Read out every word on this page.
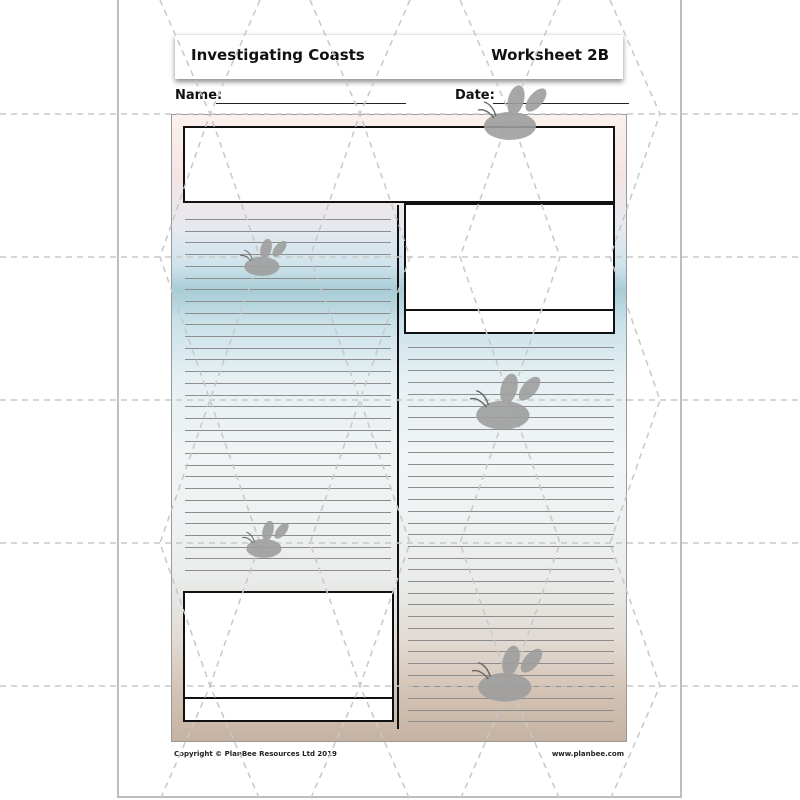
Investigating Coasts	Worksheet 2B
Name:	Date:
Copyright © PlanBee Resources Ltd 2019	www.planbee.com
